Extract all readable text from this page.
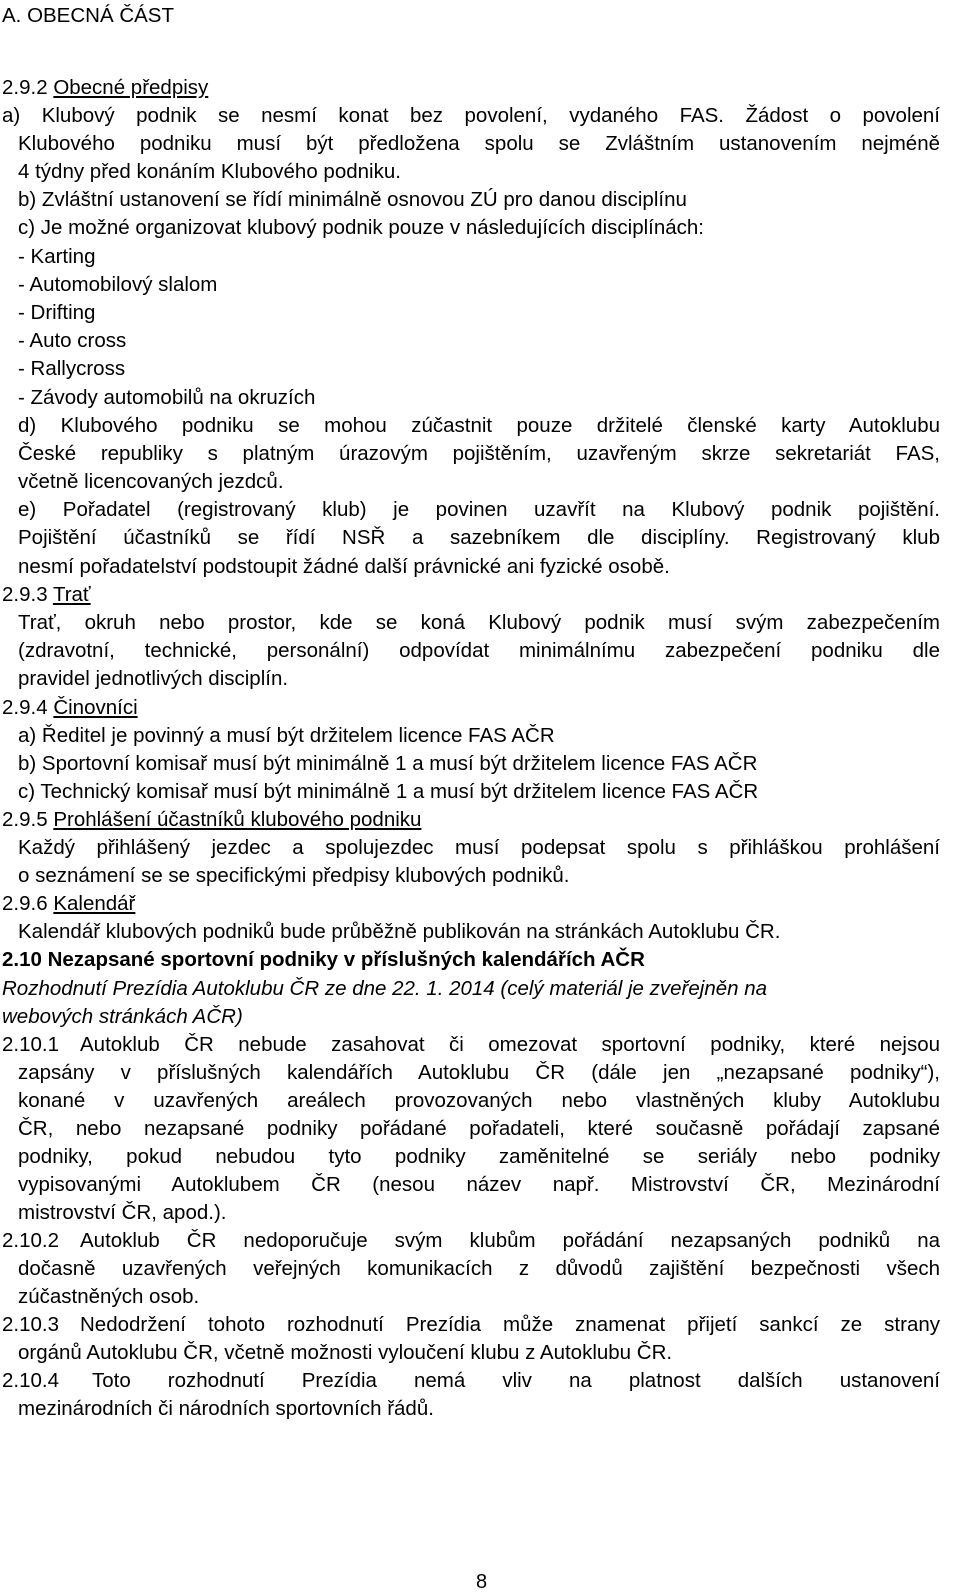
A. OBECNÁ ČÁST
2.9.2 Obecné předpisy
a) Klubový podnik se nesmí konat bez povolení, vydaného FAS. Žádost o povolení
Klubového podniku musí být předložena spolu se Zvláštním ustanovením nejméně
4 týdny před konáním Klubového podniku.
b) Zvláštní ustanovení se řídí minimálně osnovou ZÚ pro danou disciplínu
c) Je možné organizovat klubový podnik pouze v následujících disciplínách:
- Karting
- Automobilový slalom
- Drifting
- Auto cross
- Rallycross
- Závody automobilů na okruzích
d) Klubového podniku se mohou zúčastnit pouze držitelé členské karty Autoklubu
České republiky s platným úrazovým pojištěním, uzavřeným skrze sekretariát FAS,
včetně licencovaných jezdců.
e) Pořadatel (registrovaný klub) je povinen uzavřít na Klubový podnik pojištění.
Pojištění účastníků se řídí NSŘ a sazebníkem dle disciplíny. Registrovaný klub
nesmí pořadatelství podstoupit žádné další právnické ani fyzické osobě.
2.9.3 Trať
Trať, okruh nebo prostor, kde se koná Klubový podnik musí svým zabezpečením
(zdravotní, technické, personální) odpovídat minimálnímu zabezpečení podniku dle
pravidel jednotlivých disciplín.
2.9.4 Činovníci
a) Ředitel je povinný a musí být držitelem licence FAS AČR
b) Sportovní komisař musí být minimálně 1 a musí být držitelem licence FAS AČR
c) Technický komisař musí být minimálně 1 a musí být držitelem licence FAS AČR
2.9.5 Prohlášení účastníků klubového podniku
Každý přihlášený jezdec a spolujezdec musí podepsat spolu s přihláškou prohlášení
o seznámení se se specifickými předpisy klubových podniků.
2.9.6 Kalendář
Kalendář klubových podniků bude průběžně publikován na stránkách Autoklubu ČR.
2.10 Nezapsané sportovní podniky v příslušných kalendářích AČR
Rozhodnutí Prezídia Autoklubu ČR ze dne 22. 1. 2014 (celý materiál je zveřejněn na
webových stránkách AČR)
2.10.1 Autoklub ČR nebude zasahovat či omezovat sportovní podniky, které nejsou
zapsány v příslušných kalendářích Autoklubu ČR (dále jen „nezapsané podniky“),
konané v uzavřených areálech provozovaných nebo vlastněných kluby Autoklubu
ČR, nebo nezapsané podniky pořádané pořadateli, které současně pořádají zapsané
podniky, pokud nebudou tyto podniky zaměnitelné se seriály nebo podniky
vypisovanými Autoklubem ČR (nesou název např. Mistrovství ČR, Mezinárodní
mistrovství ČR, apod.).
2.10.2 Autoklub ČR nedoporučuje svým klubům pořádání nezapsaných podniků na
dočasně uzavřených veřejných komunikacích z důvodů zajištění bezpečnosti všech
zúčastněných osob.
2.10.3 Nedodržení tohoto rozhodnutí Prezídia může znamenat přijetí sankcí ze strany
orgánů Autoklubu ČR, včetně možnosti vyloučení klubu z Autoklubu ČR.
2.10.4 Toto rozhodnutí Prezídia nemá vliv na platnost dalších ustanovení
mezinárodních či národních sportovních řádů.
8
